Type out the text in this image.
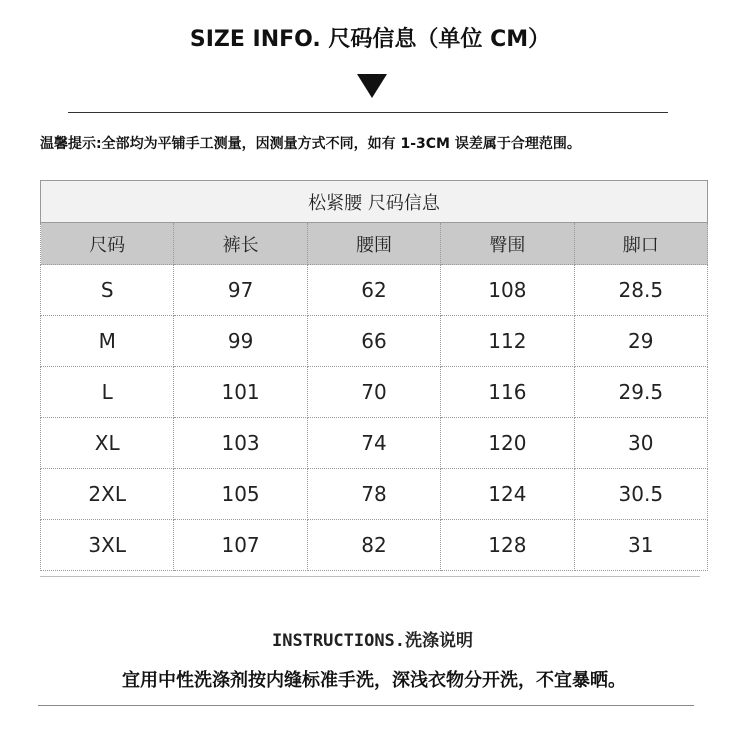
SIZE INFO. 尺码信息（单位 CM）
温馨提示:全部均为平铺手工测量，因测量方式不同，如有 1-3CM 误差属于合理范围。
松紧腰 尺码信息				
尺码	裤长	腰围	臀围	脚口
S	97	62	108	28.5
M	99	66	112	29
L	101	70	116	29.5
XL	103	74	120	30
2XL	105	78	124	30.5
3XL	107	82	128	31
INSTRUCTIONS.洗涤说明
宜用中性洗涤剂按内缝标准手洗，深浅衣物分开洗，不宜暴晒。
